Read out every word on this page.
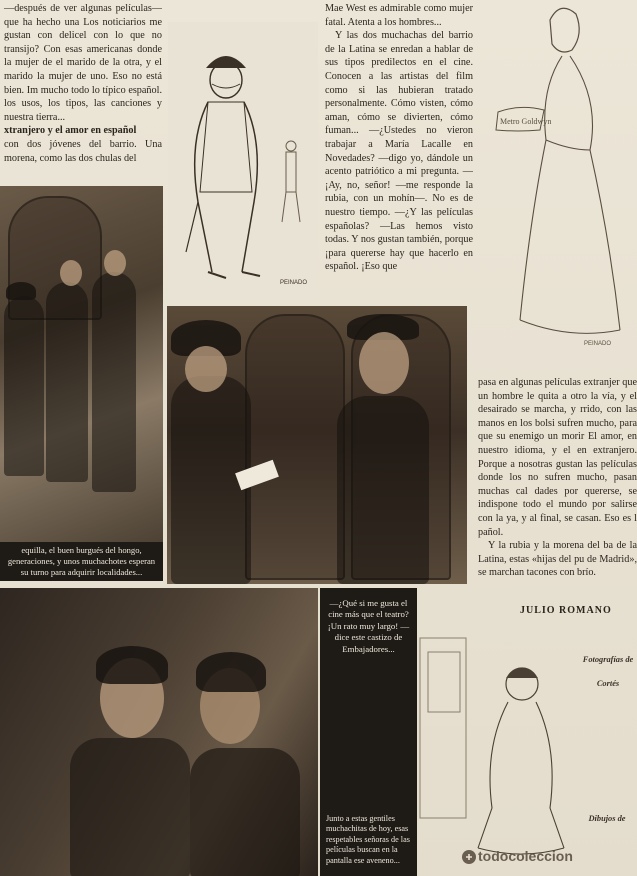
—después de ver algunas películas— que ha hecho una Los noticiarios me gustan con delicel con lo que no transijo? Con esas americanas donde la mujer de el marido de la otra, y el marido la mujer de uno. Eso no está bien. Im mucho todo lo típico español. los usos, los tipos, las canciones y nuestra tierra...

xtranjero y el amor en español

con dos jóvenes del barrio. Una morena, como las dos chulas del

PEINADO

Mae West es admirable como mujer fatal. Atenta a los hombres...

Y las dos muchachas del barrio de la Latina se enredan a hablar de sus tipos predilectos en el cine. Conocen a las artistas del film como si las hubieran tratado personalmente. Cómo visten, cómo aman, cómo se divierten, cómo fuman... —¿Ustedes no vieron trabajar a María Lacalle en Novedades? —digo yo, dándole un acento patriótico a mi pregunta. —¡Ay, no, señor! —me responde la rubia, con un mohín—. No es de nuestro tiempo. —¿Y las películas españolas? —Las hemos visto todas. Y nos gustan también, porque ¡para quererse hay que hacerlo en español. ¡Eso que

Metro Goldwyn
PEINADO
equilla, el buen burgués del hongo, generaciones, y unos muchachotes esperan su turno para adquirir localidades...

pasa en algunas películas extranjer que un hombre le quita a otro la vía, y el desairado se marcha, y rrido, con las manos en los bolsi sufren mucho, para que su enemigo un morir El amor, en nuestro idioma, y el en extranjero. Porque a nosotras gustan las películas donde los no sufren mucho, pasan muchas cal dades por quererse, se indispone todo el mundo por salirse con la ya, y al final, se casan. Eso es l pañol.

Y la rubia y la morena del ba de la Latina, estas «hijas del pu de Madrid», se marchan tacones con brío.

JULIO ROMANO

—¿Qué si me gusta el cine más que el teatro? ¡Un rato muy largo! —dice este castizo de Embajadores...

Junto a estas gentiles muchachitas de hoy, esas respetables señoras de las películas buscan en la pantalla ese aveneno...

Fotografías de Cortés
Dibujos de
todocoleccion
